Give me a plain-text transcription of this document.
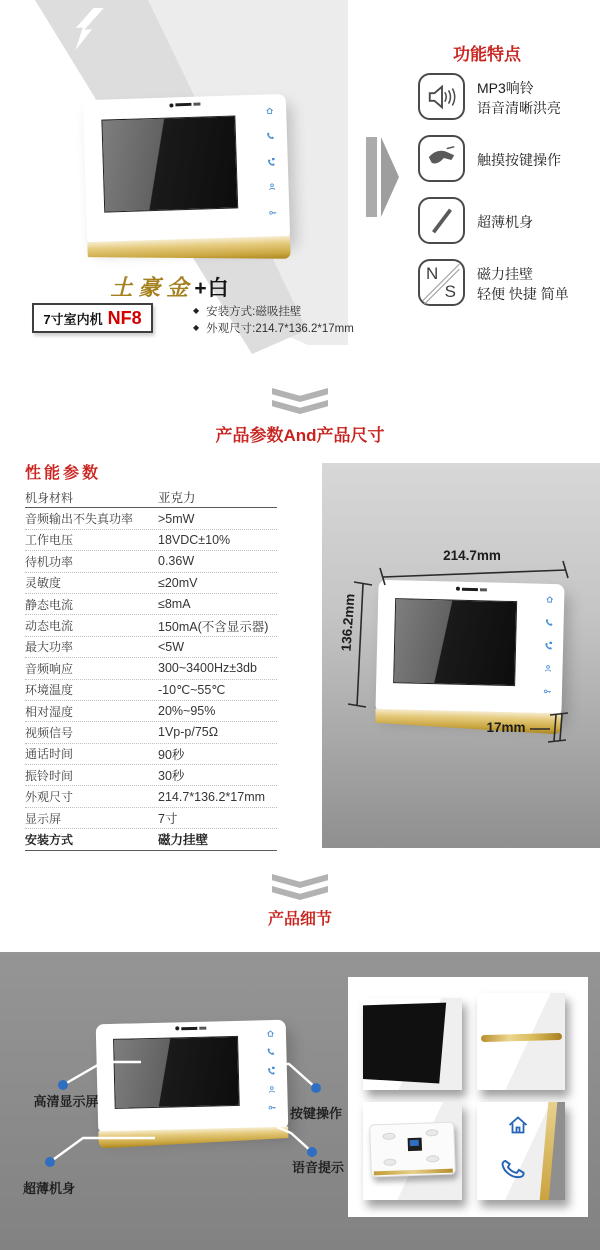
土豪金+白
7寸室内机 NF8	◆ 安装方式:磁吸挂壁
◆ 外观尺寸:214.7*136.2*17mm
功能特点
MP3响铃
语音清晰洪亮
触摸按键操作
超薄机身
N
S
磁力挂壁
轻便 快捷 简单
产品参数And产品尺寸
性能参数
机身材料	亚克力
音频输出不失真功率	>5mW
工作电压	18VDC±10%
待机功率	0.36W
灵敏度	≤20mV
静态电流	≤8mA
动态电流	150mA(不含显示器)
最大功率	<5W
音频响应	300~3400Hz±3db
环境温度	-10℃~55℃
相对湿度	20%~95%
视频信号	1Vp-p/75Ω
通话时间	90秒
振铃时间	30秒
外观尺寸	214.7*136.2*17mm
显示屏	7寸
安装方式	磁力挂壁
214.7mm
136.2mm
17mm
产品细节
高清显示屏
按键操作
语音提示
超薄机身
